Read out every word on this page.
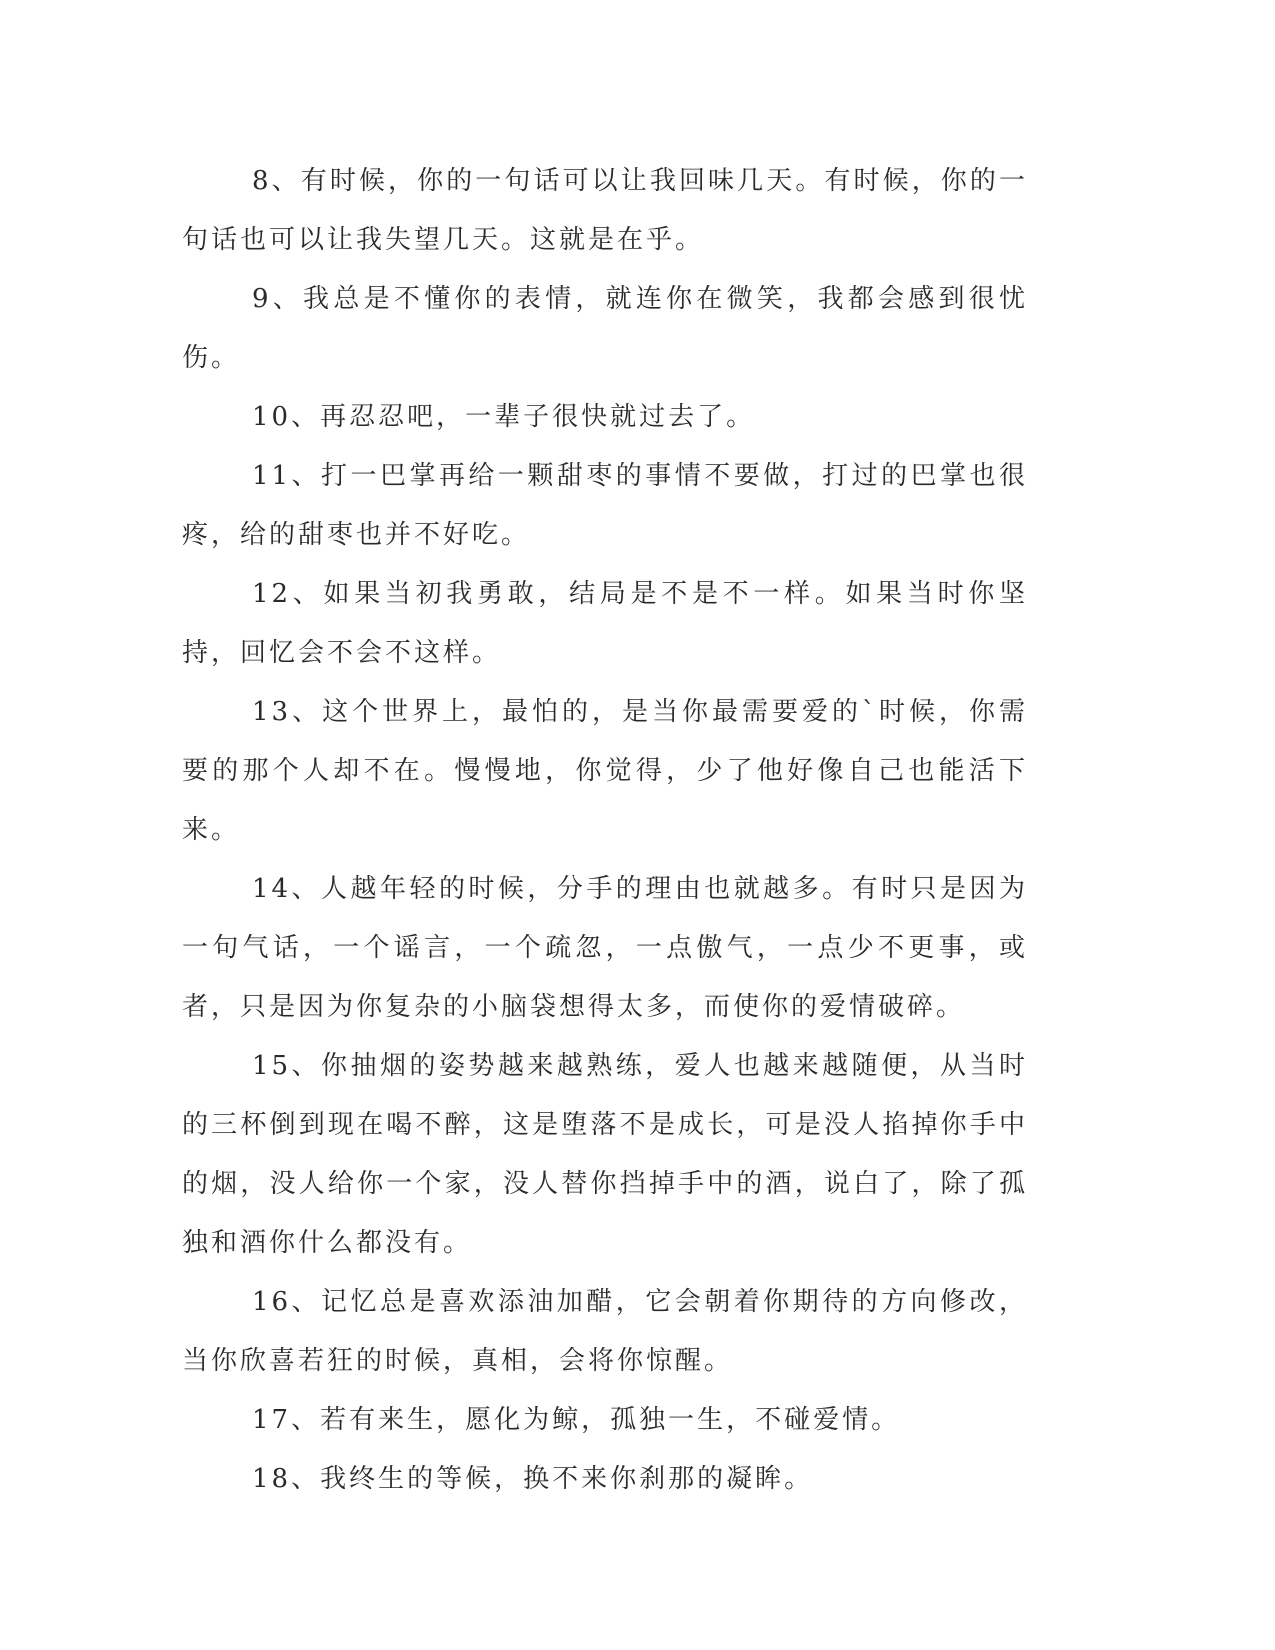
8、有时候，你的一句话可以让我回味几天。有时候，你的一句话也可以让我失望几天。这就是在乎。

9、我总是不懂你的表情，就连你在微笑，我都会感到很忧伤。

10、再忍忍吧，一辈子很快就过去了。

11、打一巴掌再给一颗甜枣的事情不要做，打过的巴掌也很疼，给的甜枣也并不好吃。

12、如果当初我勇敢，结局是不是不一样。如果当时你坚持，回忆会不会不这样。

13、这个世界上，最怕的，是当你最需要爱的`时候，你需要的那个人却不在。慢慢地，你觉得，少了他好像自己也能活下来。

14、人越年轻的时候，分手的理由也就越多。有时只是因为一句气话，一个谣言，一个疏忽，一点傲气，一点少不更事，或者，只是因为你复杂的小脑袋想得太多，而使你的爱情破碎。

15、你抽烟的姿势越来越熟练，爱人也越来越随便，从当时的三杯倒到现在喝不醉，这是堕落不是成长，可是没人掐掉你手中的烟，没人给你一个家，没人替你挡掉手中的酒，说白了，除了孤独和酒你什么都没有。

16、记忆总是喜欢添油加醋，它会朝着你期待的方向修改，当你欣喜若狂的时候，真相，会将你惊醒。

17、若有来生，愿化为鲸，孤独一生，不碰爱情。

18、我终生的等候，换不来你刹那的凝眸。
